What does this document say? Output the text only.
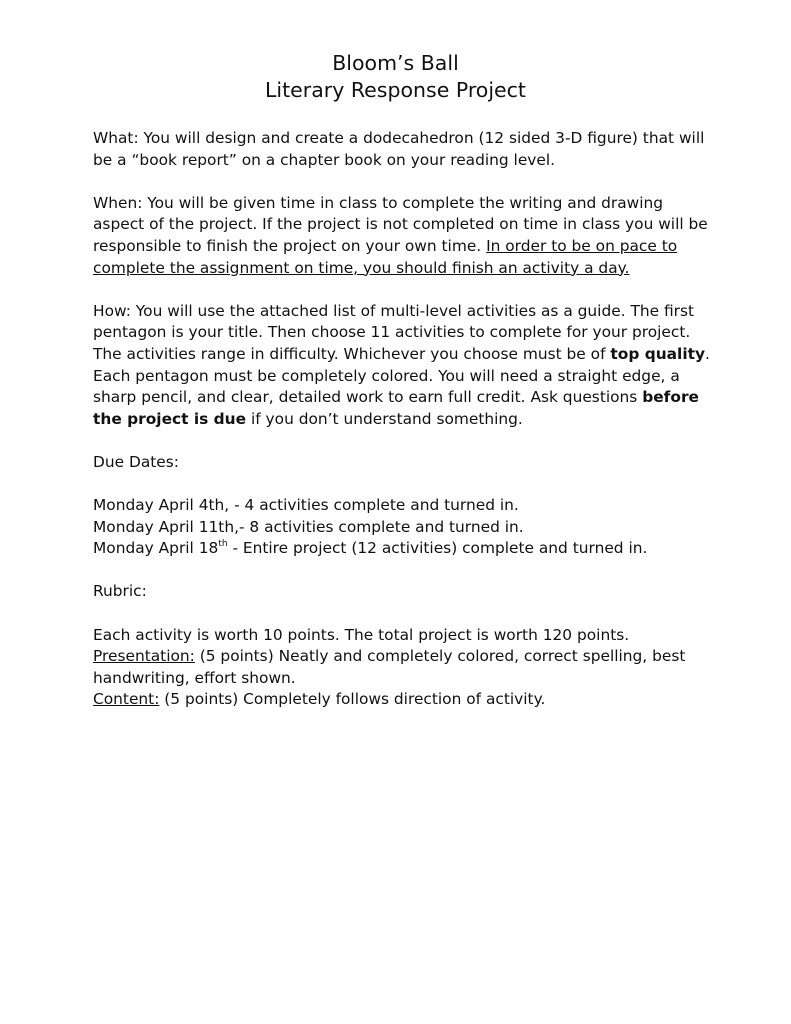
Bloom’s Ball
Literary Response Project

What: You will design and create a dodecahedron (12 sided 3-D figure) that will be a “book report” on a chapter book on your reading level.

When: You will be given time in class to complete the writing and drawing aspect of the project. If the project is not completed on time in class you will be responsible to finish the project on your own time. In order to be on pace to complete the assignment on time, you should finish an activity a day.

How: You will use the attached list of multi-level activities as a guide. The first pentagon is your title. Then choose 11 activities to complete for your project. The activities range in difficulty. Whichever you choose must be of top quality. Each pentagon must be completely colored. You will need a straight edge, a sharp pencil, and clear, detailed work to earn full credit. Ask questions before the project is due if you don’t understand something.

Due Dates:

Monday April 4th, - 4 activities complete and turned in.

Monday April 11th,- 8 activities complete and turned in.

Monday April 18th - Entire project (12 activities) complete and turned in.

Rubric:

Each activity is worth 10 points. The total project is worth 120 points.

Presentation: (5 points) Neatly and completely colored, correct spelling, best handwriting, effort shown.

Content: (5 points) Completely follows direction of activity.
